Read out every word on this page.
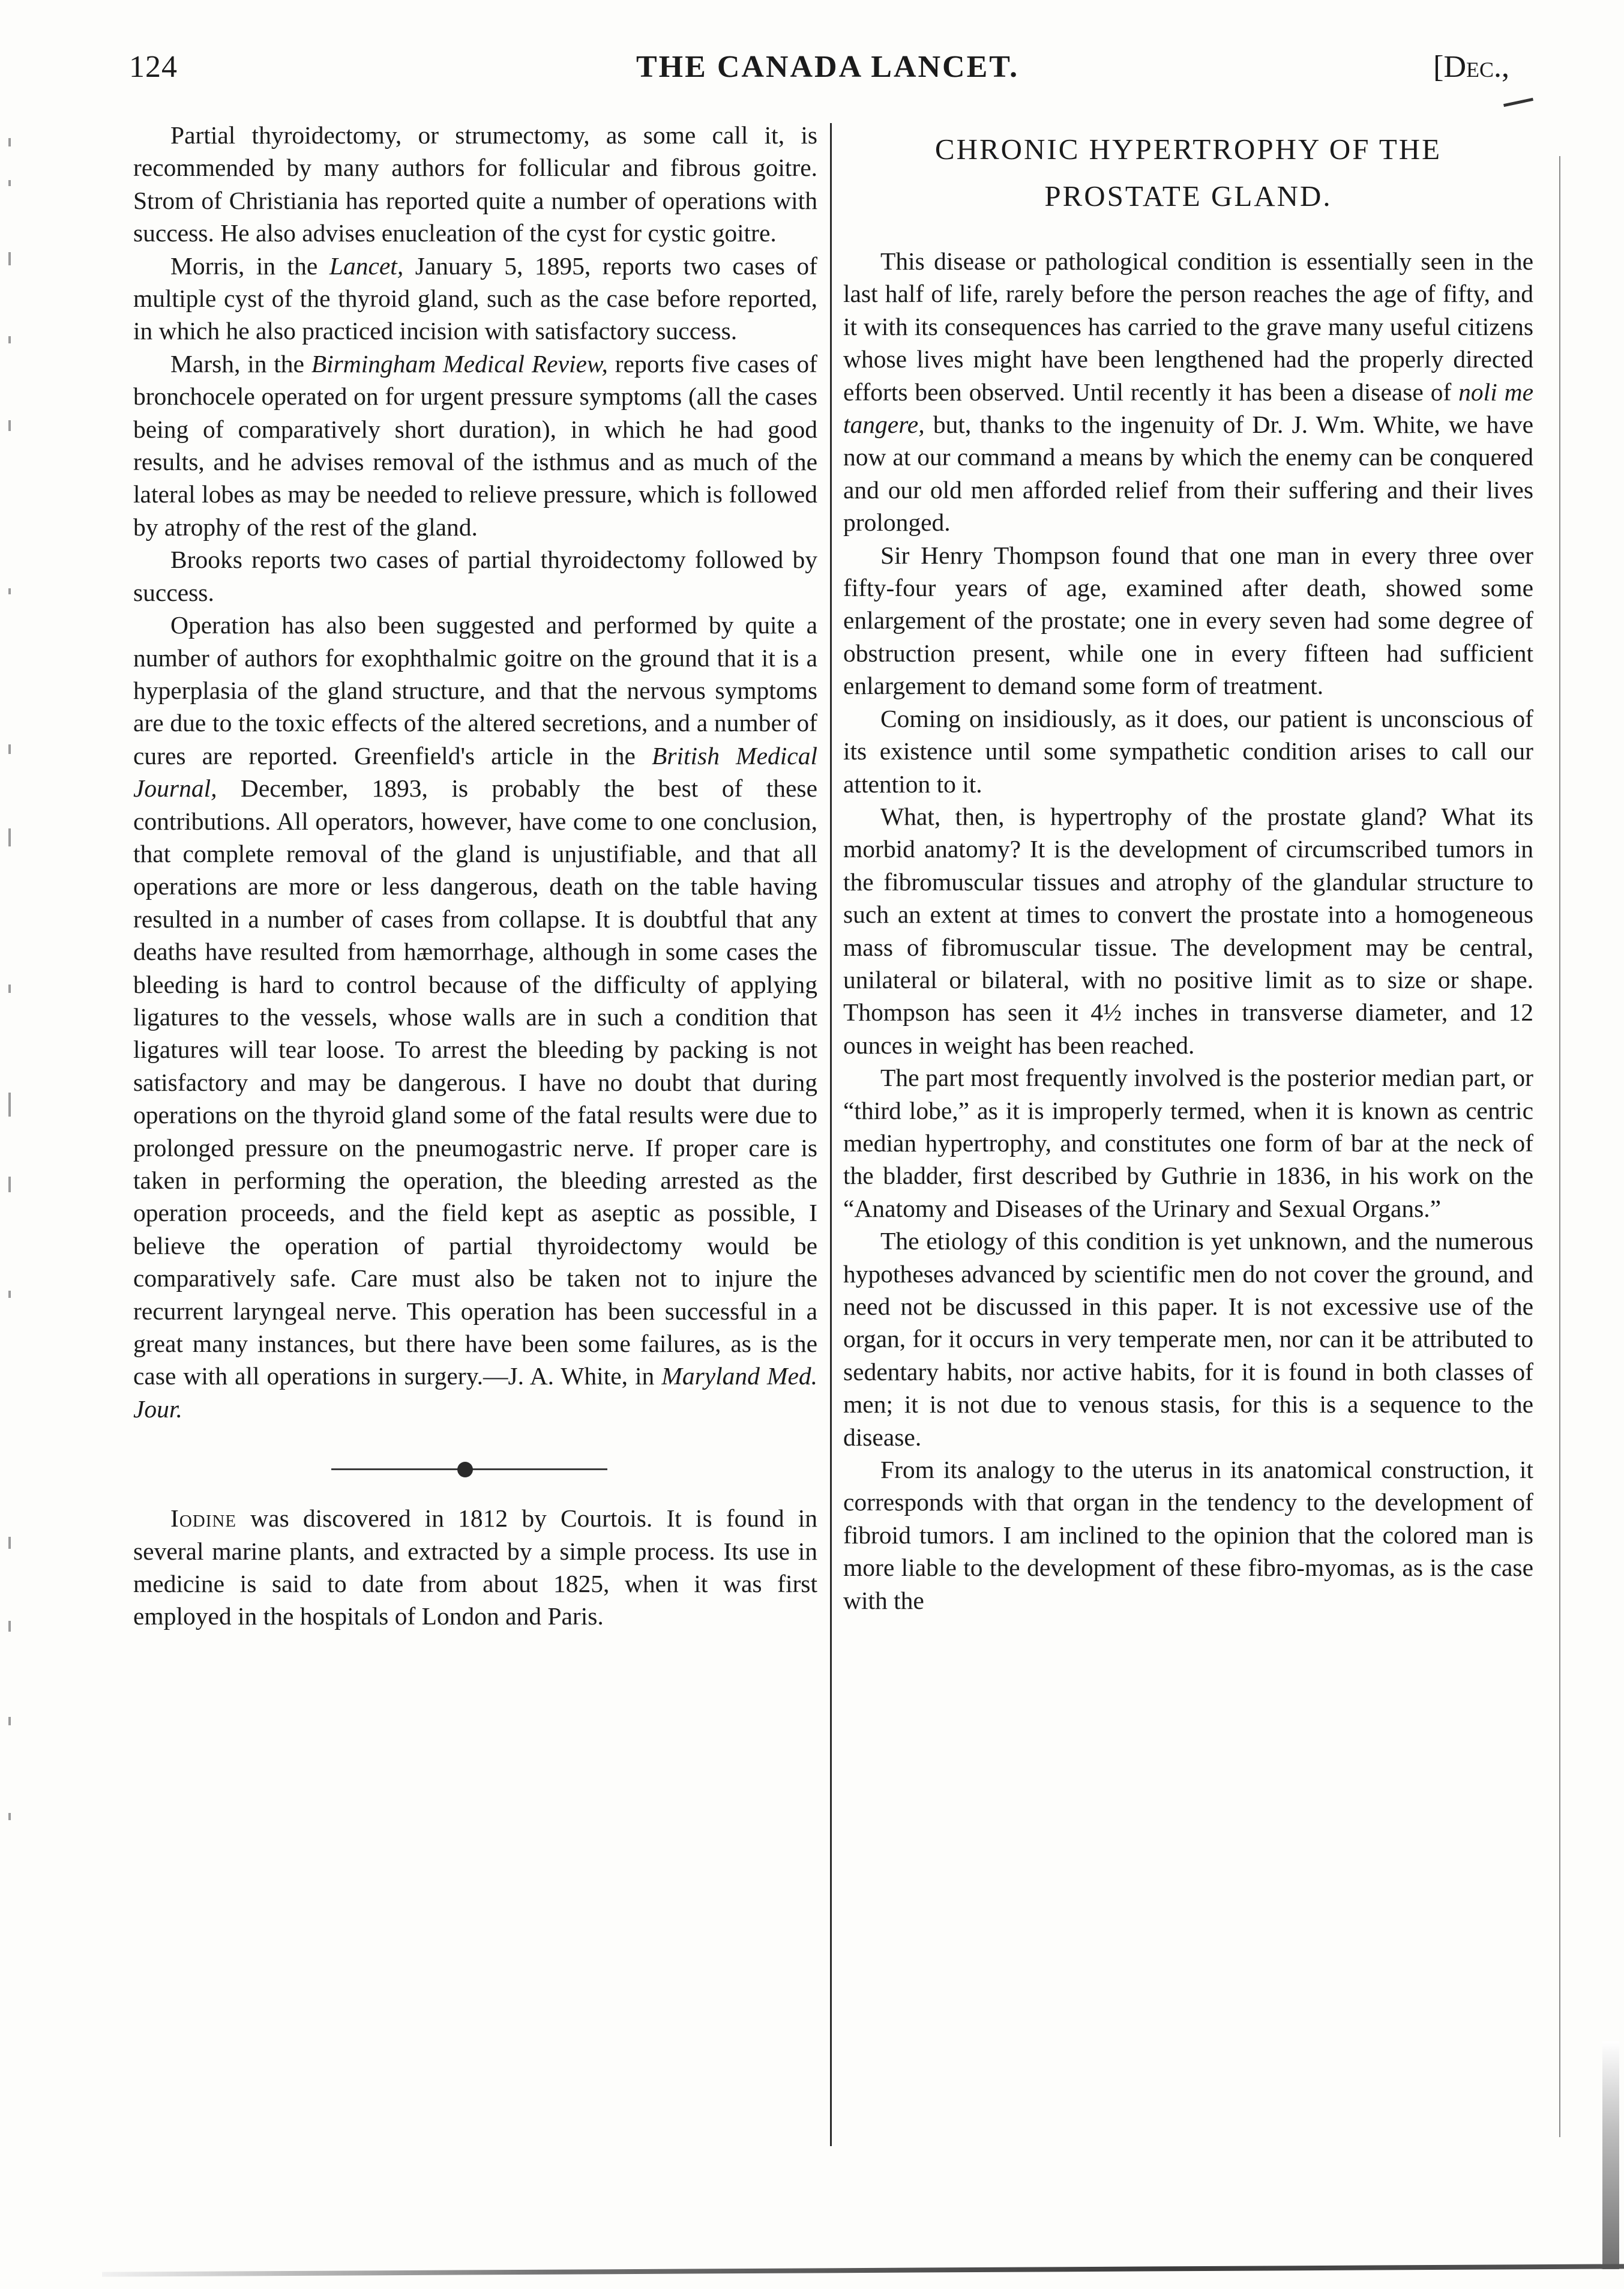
124	THE CANADA LANCET.	[Dec.,

Partial thyroidectomy, or strumectomy, as some call it, is recommended by many authors for follicular and fibrous goitre. Strom of Christiania has reported quite a number of operations with success. He also advises enucleation of the cyst for cystic goitre.

Morris, in the Lancet, January 5, 1895, reports two cases of multiple cyst of the thyroid gland, such as the case before reported, in which he also practiced incision with satisfactory success.

Marsh, in the Birmingham Medical Review, reports five cases of bronchocele operated on for urgent pressure symptoms (all the cases being of comparatively short duration), in which he had good results, and he advises removal of the isthmus and as much of the lateral lobes as may be needed to relieve pressure, which is followed by atrophy of the rest of the gland.

Brooks reports two cases of partial thyroidectomy followed by success.

Operation has also been suggested and performed by quite a number of authors for exophthalmic goitre on the ground that it is a hyperplasia of the gland structure, and that the nervous symptoms are due to the toxic effects of the altered secretions, and a number of cures are reported. Greenfield's article in the British Medical Journal, December, 1893, is probably the best of these contributions. All operators, however, have come to one conclusion, that complete removal of the gland is unjustifiable, and that all operations are more or less dangerous, death on the table having resulted in a number of cases from collapse. It is doubtful that any deaths have resulted from hæmorrhage, although in some cases the bleeding is hard to control because of the difficulty of applying ligatures to the vessels, whose walls are in such a condition that ligatures will tear loose. To arrest the bleeding by packing is not satisfactory and may be dangerous. I have no doubt that during operations on the thyroid gland some of the fatal results were due to prolonged pressure on the pneumogastric nerve. If proper care is taken in performing the operation, the bleeding arrested as the operation proceeds, and the field kept as aseptic as possible, I believe the operation of partial thyroidectomy would be comparatively safe. Care must also be taken not to injure the recurrent laryngeal nerve. This operation has been successful in a great many instances, but there have been some failures, as is the case with all operations in surgery.—J. A. White, in Maryland Med. Jour.

Iodine was discovered in 1812 by Courtois. It is found in several marine plants, and extracted by a simple process. Its use in medicine is said to date from about 1825, when it was first employed in the hospitals of London and Paris.

CHRONIC HYPERTROPHY OF THE
PROSTATE GLAND.

This disease or pathological condition is essentially seen in the last half of life, rarely before the person reaches the age of fifty, and it with its consequences has carried to the grave many useful citizens whose lives might have been lengthened had the properly directed efforts been observed. Until recently it has been a disease of noli me tangere, but, thanks to the ingenuity of Dr. J. Wm. White, we have now at our command a means by which the enemy can be conquered and our old men afforded relief from their suffering and their lives prolonged.

Sir Henry Thompson found that one man in every three over fifty-four years of age, examined after death, showed some enlargement of the prostate; one in every seven had some degree of obstruction present, while one in every fifteen had sufficient enlargement to demand some form of treatment.

Coming on insidiously, as it does, our patient is unconscious of its existence until some sympathetic condition arises to call our attention to it.

What, then, is hypertrophy of the prostate gland? What its morbid anatomy? It is the development of circumscribed tumors in the fibromuscular tissues and atrophy of the glandular structure to such an extent at times to convert the prostate into a homogeneous mass of fibromuscular tissue. The development may be central, unilateral or bilateral, with no positive limit as to size or shape. Thompson has seen it 4½ inches in transverse diameter, and 12 ounces in weight has been reached.

The part most frequently involved is the posterior median part, or “third lobe,” as it is improperly termed, when it is known as centric median hypertrophy, and constitutes one form of bar at the neck of the bladder, first described by Guthrie in 1836, in his work on the “Anatomy and Diseases of the Urinary and Sexual Organs.”

The etiology of this condition is yet unknown, and the numerous hypotheses advanced by scientific men do not cover the ground, and need not be discussed in this paper. It is not excessive use of the organ, for it occurs in very temperate men, nor can it be attributed to sedentary habits, nor active habits, for it is found in both classes of men; it is not due to venous stasis, for this is a sequence to the disease.

From its analogy to the uterus in its anatomical construction, it corresponds with that organ in the tendency to the development of fibroid tumors. I am inclined to the opinion that the colored man is more liable to the development of these fibro-myomas, as is the case with the
